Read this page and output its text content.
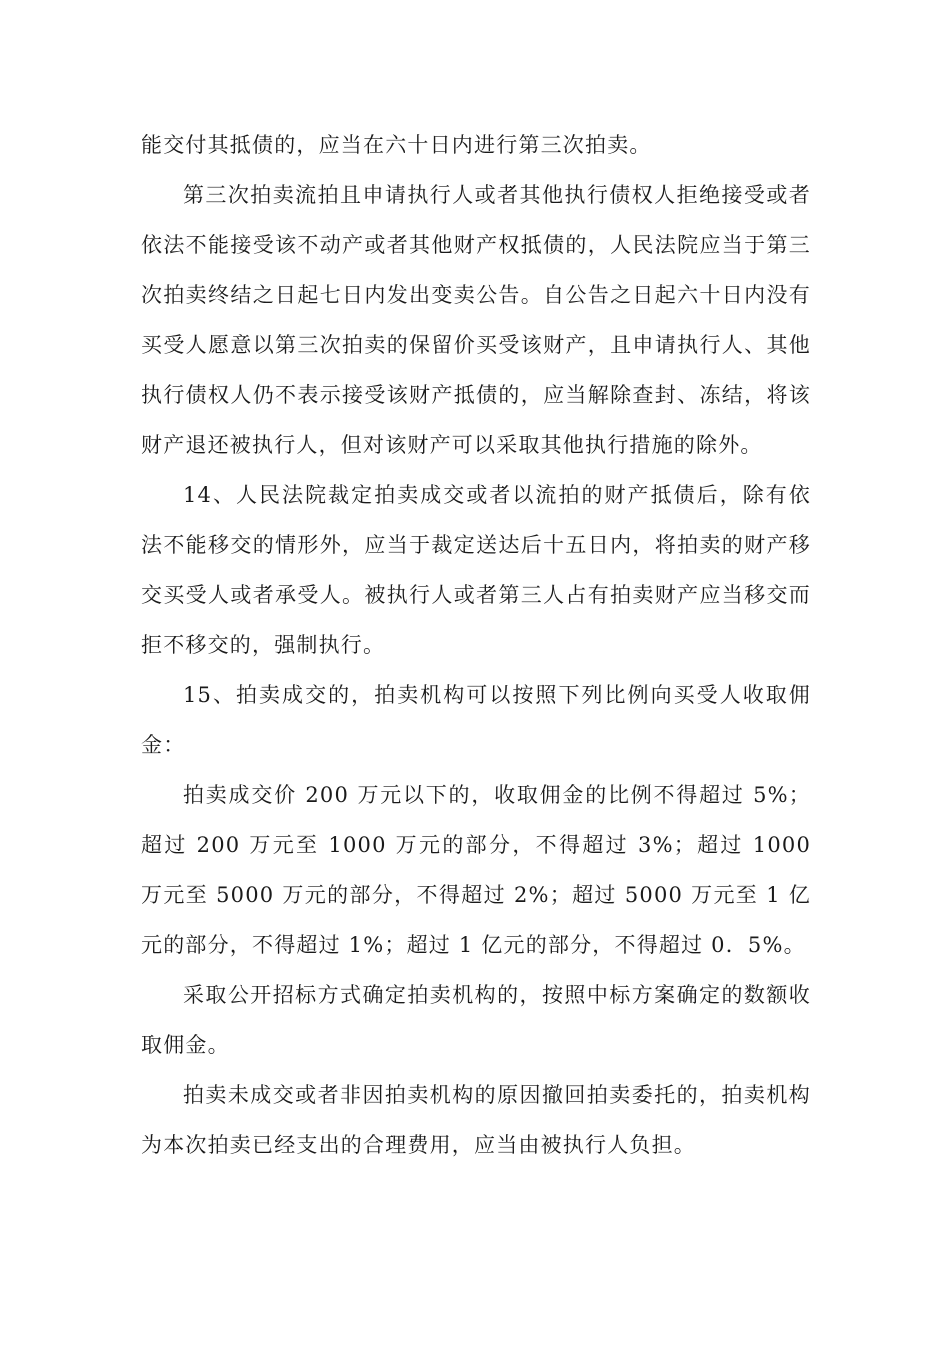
能交付其抵债的，应当在六十日内进行第三次拍卖。

第三次拍卖流拍且申请执行人或者其他执行债权人拒绝接受或者依法不能接受该不动产或者其他财产权抵债的，人民法院应当于第三次拍卖终结之日起七日内发出变卖公告。自公告之日起六十日内没有买受人愿意以第三次拍卖的保留价买受该财产，且申请执行人、其他执行债权人仍不表示接受该财产抵债的，应当解除查封、冻结，将该财产退还被执行人，但对该财产可以采取其他执行措施的除外。

14、人民法院裁定拍卖成交或者以流拍的财产抵债后，除有依法不能移交的情形外，应当于裁定送达后十五日内，将拍卖的财产移交买受人或者承受人。被执行人或者第三人占有拍卖财产应当移交而拒不移交的，强制执行。

15、拍卖成交的，拍卖机构可以按照下列比例向买受人收取佣金：

拍卖成交价 200 万元以下的，收取佣金的比例不得超过 5%；超过 200 万元至 1000 万元的部分，不得超过 3%；超过 1000 万元至 5000 万元的部分，不得超过 2%；超过 5000 万元至 1 亿元的部分，不得超过 1%；超过 1 亿元的部分，不得超过 0．5%。

采取公开招标方式确定拍卖机构的，按照中标方案确定的数额收取佣金。

拍卖未成交或者非因拍卖机构的原因撤回拍卖委托的，拍卖机构为本次拍卖已经支出的合理费用，应当由被执行人负担。
